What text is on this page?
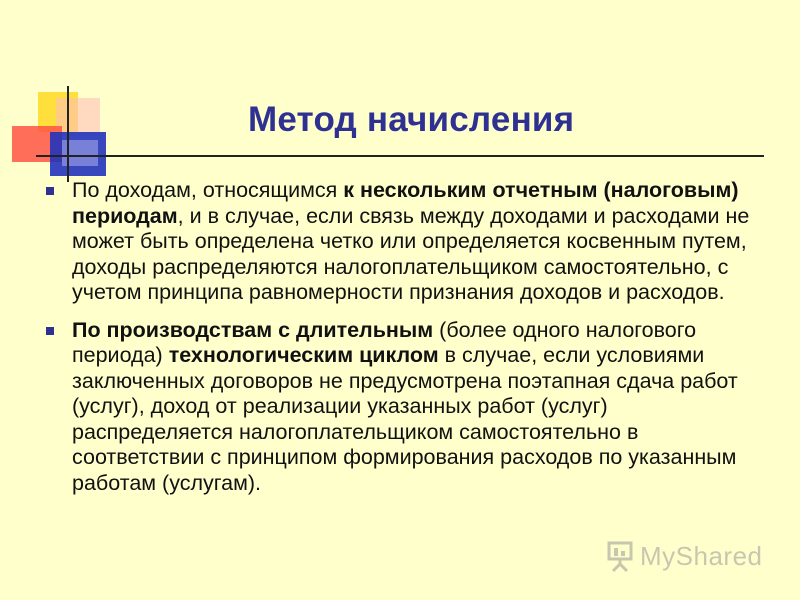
Метод начисления
По доходам, относящимся к нескольким отчетным (налоговым) периодам, и в случае, если связь между доходами и расходами не может быть определена четко или определяется косвенным путем, доходы распределяются налогоплательщиком самостоятельно, с учетом принципа равномерности признания доходов и расходов.
По производствам с длительным (более одного налогового периода) технологическим циклом в случае, если условиями заключенных договоров не предусмотрена поэтапная сдача работ (услуг), доход от реализации указанных работ (услуг) распределяется налогоплательщиком самостоятельно в соответствии с принципом формирования расходов по указанным работам (услугам).
MyShared
